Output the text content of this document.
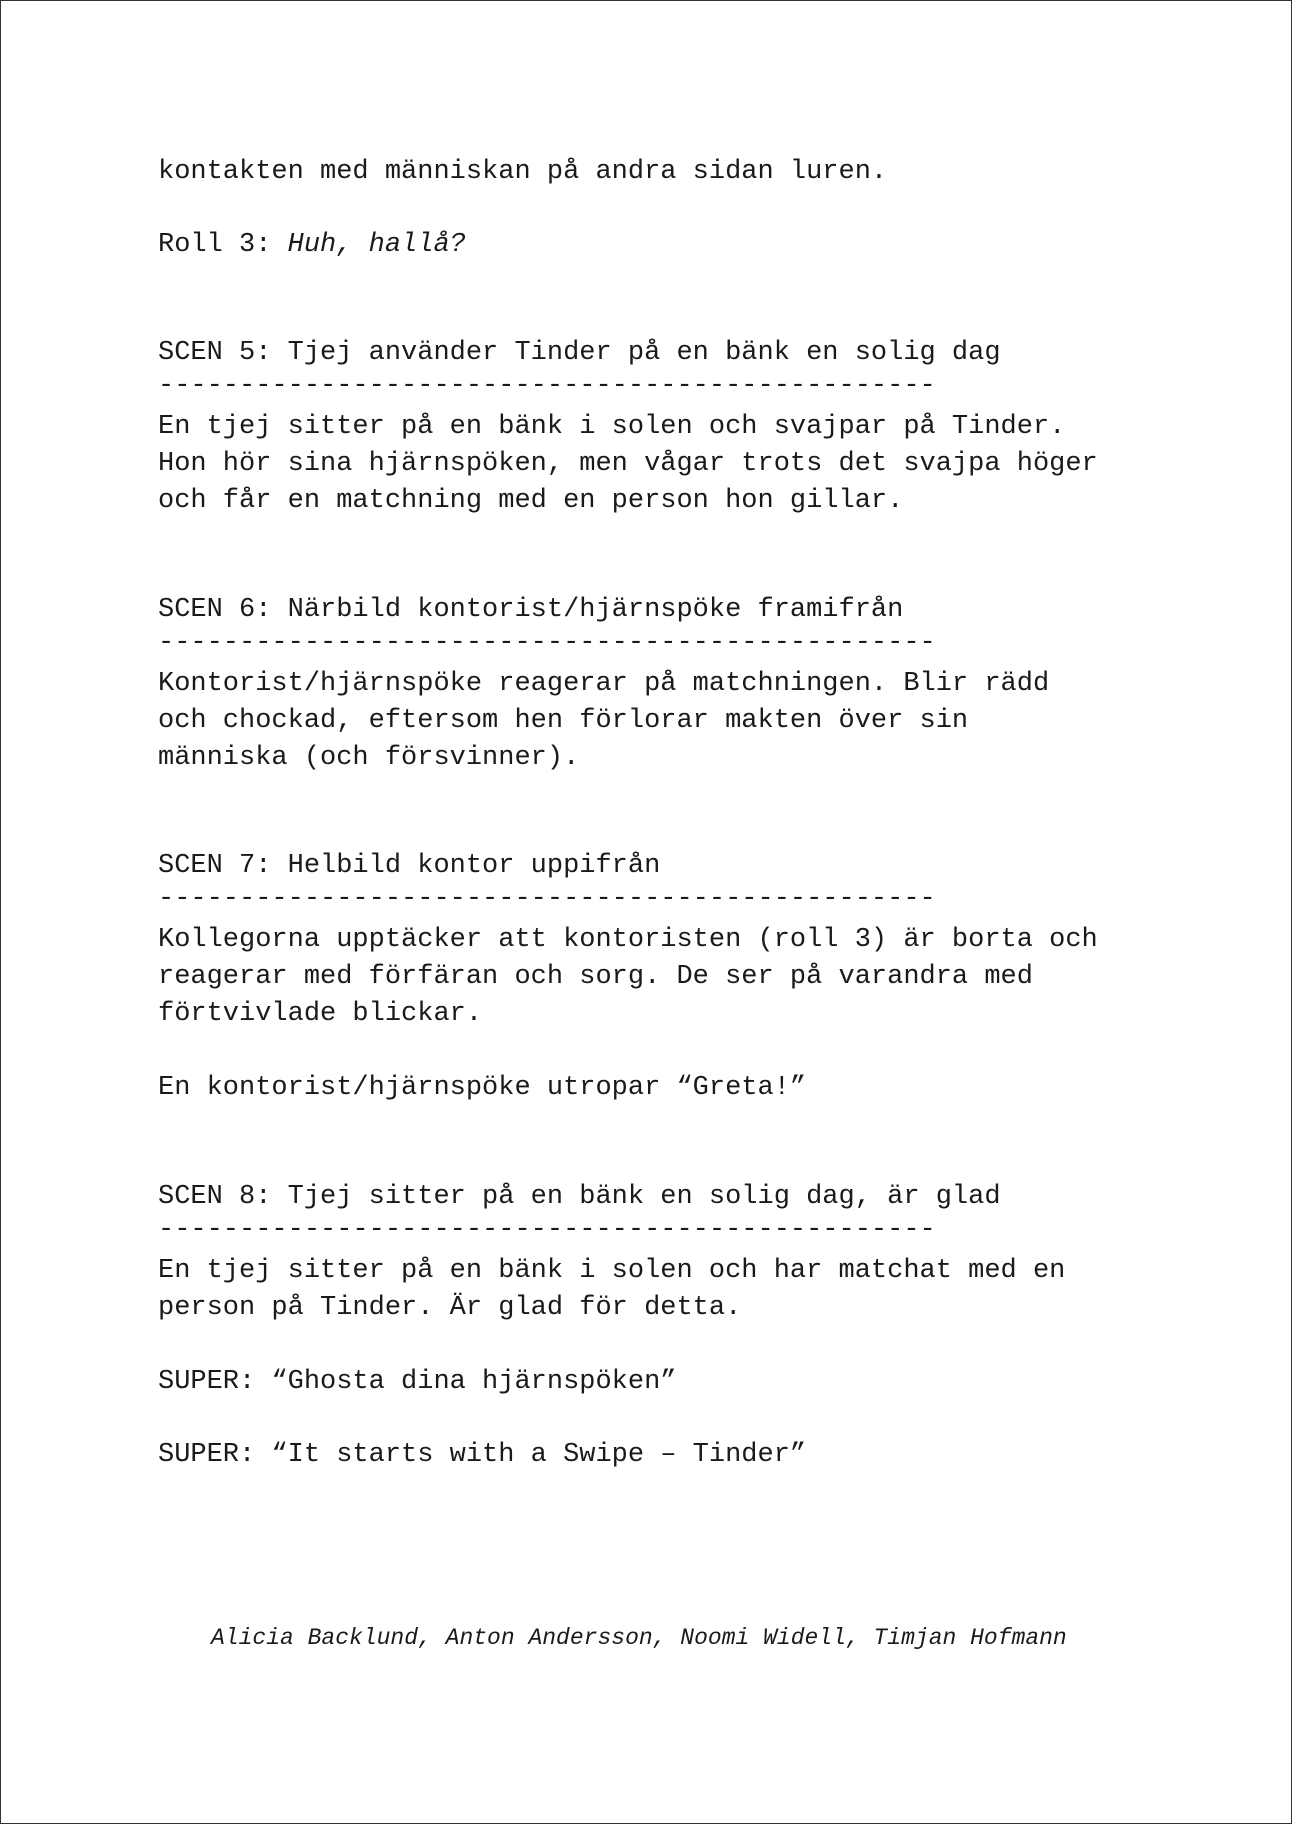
kontakten med människan på andra sidan luren.

Roll 3: Huh, hallå?

SCEN 5: Tjej använder Tinder på en bänk en solig dag

------------------------------------------------

En tjej sitter på en bänk i solen och svajpar på Tinder.

Hon hör sina hjärnspöken, men vågar trots det svajpa höger

och får en matchning med en person hon gillar.

SCEN 6: Närbild kontorist/hjärnspöke framifrån

------------------------------------------------

Kontorist/hjärnspöke reagerar på matchningen. Blir rädd

och chockad, eftersom hen förlorar makten över sin

människa (och försvinner).

SCEN 7: Helbild kontor uppifrån

------------------------------------------------

Kollegorna upptäcker att kontoristen (roll 3) är borta och

reagerar med förfäran och sorg. De ser på varandra med

förtvivlade blickar.

En kontorist/hjärnspöke utropar “Greta!”

SCEN 8: Tjej sitter på en bänk en solig dag, är glad

------------------------------------------------

En tjej sitter på en bänk i solen och har matchat med en

person på Tinder. Är glad för detta.

SUPER: “Ghosta dina hjärnspöken”

SUPER: “It starts with a Swipe – Tinder”

Alicia Backlund, Anton Andersson, Noomi Widell, Timjan Hofmann
